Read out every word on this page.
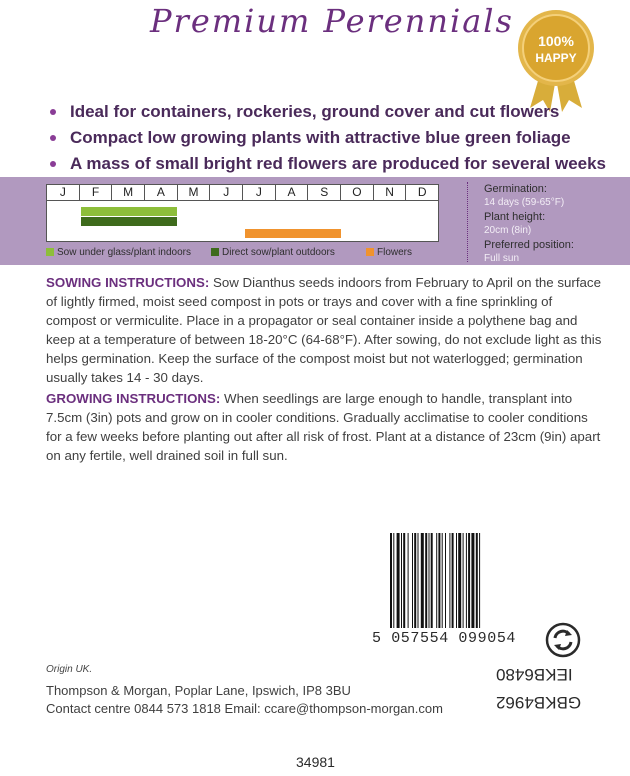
Premium Perennials
100%
HAPPY
Ideal for containers, rockeries, ground cover and cut flowers
Compact low growing plants with attractive blue green foliage
A mass of small bright red flowers are produced for several weeks
J	F	M	A	M	J	J	A	S	O	N	D
Sow under glass/plant indoors	Direct sow/plant outdoors	Flowers
Germination:
14 days (59-65°F)
Plant height:
20cm (8in)
Preferred position:
Full sun
SOWING INSTRUCTIONS: Sow Dianthus seeds indoors from February to April on the surface of lightly firmed, moist seed compost in pots or trays and cover with a fine sprinkling of compost or vermiculite. Place in a propagator or seal container inside a polythene bag and keep at a temperature of between 18-20°C (64-68°F). After sowing, do not exclude light as this helps germination. Keep the surface of the compost moist but not waterlogged; germination usually takes 14 - 30 days.
GROWING INSTRUCTIONS: When seedlings are large enough to handle, transplant into 7.5cm (3in) pots and grow on in cooler conditions. Gradually acclimatise to cooler conditions for a few weeks before planting out after all risk of frost. Plant at a distance of 23cm (9in) apart on any fertile, well drained soil in full sun.
5 057554 099054
IEKB6480
GBKB4962
Origin UK.
Thompson & Morgan, Poplar Lane, Ipswich, IP8 3BU
Contact centre 0844 573 1818 Email: ccare@thompson-morgan.com
34981
